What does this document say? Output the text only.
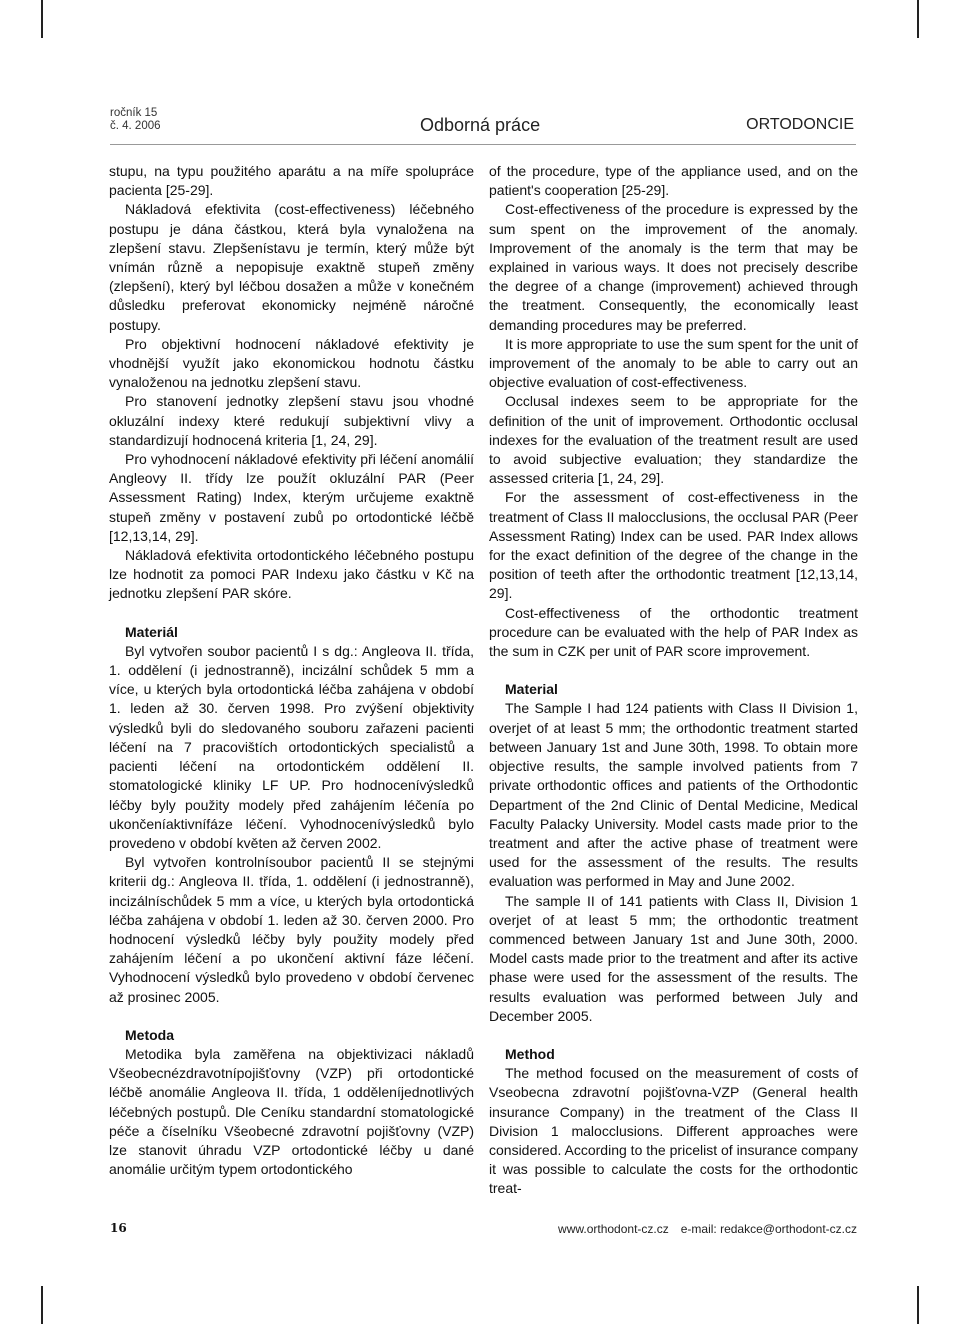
ročník 15
č. 4. 2006	Odborná práce	ORTODONCIE

stupu, na typu použitého aparátu a na míře spolupráce pacienta [25-29].

Nákladová efektivita (cost-effectiveness) léčebného postupu je dána částkou, která byla vynaložena na zlepšení stavu. Zlepšenístavu je termín, který může být vnímán různě a nepopisuje exaktně stupeň změny (zlepšení), který byl léčbou dosažen a může v konečném důsledku preferovat ekonomicky nejméně náročné postupy.

Pro objektivní hodnocení nákladové efektivity je vhodnější využít jako ekonomickou hodnotu částku vynaloženou na jednotku zlepšení stavu.

Pro stanovení jednotky zlepšení stavu jsou vhodné okluzální indexy které redukují subjektivní vlivy a standardizují hodnocená kriteria [1, 24, 29].

Pro vyhodnocení nákladové efektivity při léčení anomálií Angleovy II. třídy lze použít okluzální PAR (Peer Assessment Rating) Index, kterým určujeme exaktně stupeň změny v postavení zubů po ortodontické léčbě [12,13,14, 29].

Nákladová efektivita ortodontického léčebného postupu lze hodnotit za pomoci PAR Indexu jako částku v Kč na jednotku zlepšení PAR skóre.

Materiál

Byl vytvořen soubor pacientů I s dg.: Angleova II. třída, 1. oddělení (i jednostranně), incizální schůdek 5 mm a více, u kterých byla ortodontická léčba zahájena v období 1. leden až 30. červen 1998. Pro zvýšení objektivity výsledků byli do sledovaného souboru zařazeni pacienti léčení na 7 pracovištích ortodontických specialistů a pacienti léčení na ortodontickém oddělení II. stomatologické kliniky LF UP. Pro hodnocenívýsledků léčby byly použity modely před zahájením léčenía po ukončeníaktivnífáze léčení. Vyhodnocenívýsledků bylo provedeno v období květen až červen 2002.

Byl vytvořen kontrolnísoubor pacientů II se stejnými kriterii dg.: Angleova II. třída, 1. oddělení (i jednostranně), incizálníschůdek 5 mm a více, u kterých byla ortodontická léčba zahájena v období 1. leden až 30. červen 2000. Pro hodnocení výsledků léčby byly použity modely před zahájením léčení a po ukončení aktivní fáze léčení. Vyhodnocení výsledků bylo provedeno v období červenec až prosinec 2005.

Metoda

Metodika byla zaměřena na objektivizaci nákladů Všeobecnézdravotnípojišťovny (VZP) při ortodontické léčbě anomálie Angleova II. třída, 1 odděleníjednotlivých léčebných postupů. Dle Ceníku standardní stomatologické péče a číselníku Všeobecné zdravotní pojišťovny (VZP) lze stanovit úhradu VZP ortodontické léčby u dané anomálie určitým typem ortodontického

of the procedure, type of the appliance used, and on the patient's cooperation [25-29].

Cost-effectiveness of the procedure is expressed by the sum spent on the improvement of the anomaly. Improvement of the anomaly is the term that may be explained in various ways. It does not precisely describe the degree of a change (improvement) achieved through the treatment. Consequently, the economically least demanding procedures may be preferred.

It is more appropriate to use the sum spent for the unit of improvement of the anomaly to be able to carry out an objective evaluation of cost-effectiveness.

Occlusal indexes seem to be appropriate for the definition of the unit of improvement. Orthodontic occlusal indexes for the evaluation of the treatment result are used to avoid subjective evaluation; they standardize the assessed criteria [1, 24, 29].

For the assessment of cost-effectiveness in the treatment of Class II malocclusions, the occlusal PAR (Peer Assessment Rating) Index can be used. PAR Index allows for the exact definition of the degree of the change in the position of teeth after the orthodontic treatment [12,13,14, 29].

Cost-effectiveness of the orthodontic treatment procedure can be evaluated with the help of PAR Index as the sum in CZK per unit of PAR score improvement.

Material

The Sample I had 124 patients with Class II Division 1, overjet of at least 5 mm; the orthodontic treatment started between January 1st and June 30th, 1998. To obtain more objective results, the sample involved patients from 7 private orthodontic offices and patients of the Orthodontic Department of the 2nd Clinic of Dental Medicine, Medical Faculty Palacky University. Model casts made prior to the treatment and after the active phase of treatment were used for the assessment of the results. The results evaluation was performed in May and June 2002.

The sample II of 141 patients with Class II, Division 1 overjet of at least 5 mm; the orthodontic treatment commenced between January 1st and June 30th, 2000. Model casts made prior to the treatment and after its active phase were used for the assessment of the results. The results evaluation was performed between July and December 2005.

Method

The method focused on the measurement of costs of Vseobecna zdravotní pojišťovna-VZP (General health insurance Company) in the treatment of the Class II Division 1 malocclusions. Different approaches were considered. According to the pricelist of insurance company it was possible to calculate the costs for the orthodontic treat-

16	www.orthodont-cz.cz e-mail: redakce@orthodont-cz.cz
